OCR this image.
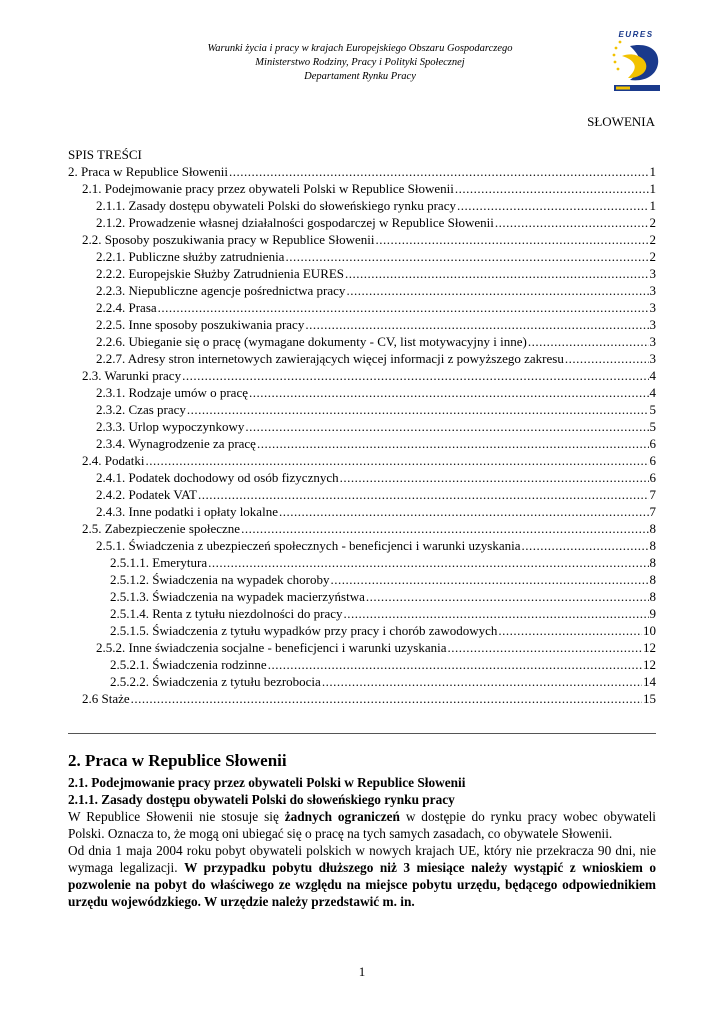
Warunki życia i pracy w krajach Europejskiego Obszaru Gospodarczego
Ministerstwo Rodziny, Pracy i Polityki Społecznej
Departament Rynku Pracy
EURES
SŁOWENIA
SPIS TREŚCI
2. Praca w Republice Słowenii .....	1
2.1. Podejmowanie pracy przez obywateli Polski w Republice Słowenii .....	1
2.1.1. Zasady dostępu obywateli Polski do słoweńskiego rynku pracy .....	1
2.1.2. Prowadzenie własnej działalności gospodarczej w Republice Słowenii .....	2
2.2. Sposoby poszukiwania pracy w Republice Słowenii .....	2
2.2.1. Publiczne służby zatrudnienia .....	2
2.2.2. Europejskie Służby Zatrudnienia EURES .....	3
2.2.3. Niepubliczne agencje pośrednictwa pracy .....	3
2.2.4. Prasa .....	3
2.2.5. Inne sposoby poszukiwania pracy .....	3
2.2.6. Ubieganie się o pracę (wymagane dokumenty - CV, list motywacyjny i inne) .....	3
2.2.7. Adresy stron internetowych zawierających więcej informacji z powyższego zakresu .....	3
2.3. Warunki pracy .....	4
2.3.1. Rodzaje umów o pracę .....	4
2.3.2. Czas pracy .....	5
2.3.3. Urlop wypoczynkowy .....	5
2.3.4. Wynagrodzenie za pracę .....	6
2.4. Podatki .....	6
2.4.1. Podatek dochodowy od osób fizycznych .....	6
2.4.2. Podatek VAT .....	7
2.4.3. Inne podatki i opłaty lokalne .....	7
2.5. Zabezpieczenie społeczne .....	8
2.5.1. Świadczenia z ubezpieczeń społecznych - beneficjenci i warunki uzyskania .....	8
2.5.1.1. Emerytura .....	8
2.5.1.2. Świadczenia na wypadek choroby .....	8
2.5.1.3. Świadczenia na wypadek macierzyństwa .....	8
2.5.1.4. Renta z tytułu niezdolności do pracy .....	9
2.5.1.5. Świadczenia z tytułu wypadków przy pracy i chorób zawodowych .....	10
2.5.2. Inne świadczenia socjalne - beneficjenci i warunki uzyskania .....	12
2.5.2.1. Świadczenia rodzinne .....	12
2.5.2.2. Świadczenia z tytułu bezrobocia .....	14
2.6 Staże .....	15
2. Praca w Republice Słowenii
2.1. Podejmowanie pracy przez obywateli Polski w Republice Słowenii
2.1.1. Zasady dostępu obywateli Polski do słoweńskiego rynku pracy

W Republice Słowenii nie stosuje się żadnych ograniczeń w dostępie do rynku pracy wobec obywateli Polski. Oznacza to, że mogą oni ubiegać się o pracę na tych samych zasadach, co obywatele Słowenii.

Od dnia 1 maja 2004 roku pobyt obywateli polskich w nowych krajach UE, który nie przekracza 90 dni, nie wymaga legalizacji. W przypadku pobytu dłuższego niż 3 miesiące należy wystąpić z wnioskiem o pozwolenie na pobyt do właściwego ze względu na miejsce pobytu urzędu, będącego odpowiednikiem urzędu wojewódzkiego. W urzędzie należy przedstawić m. in.

1
